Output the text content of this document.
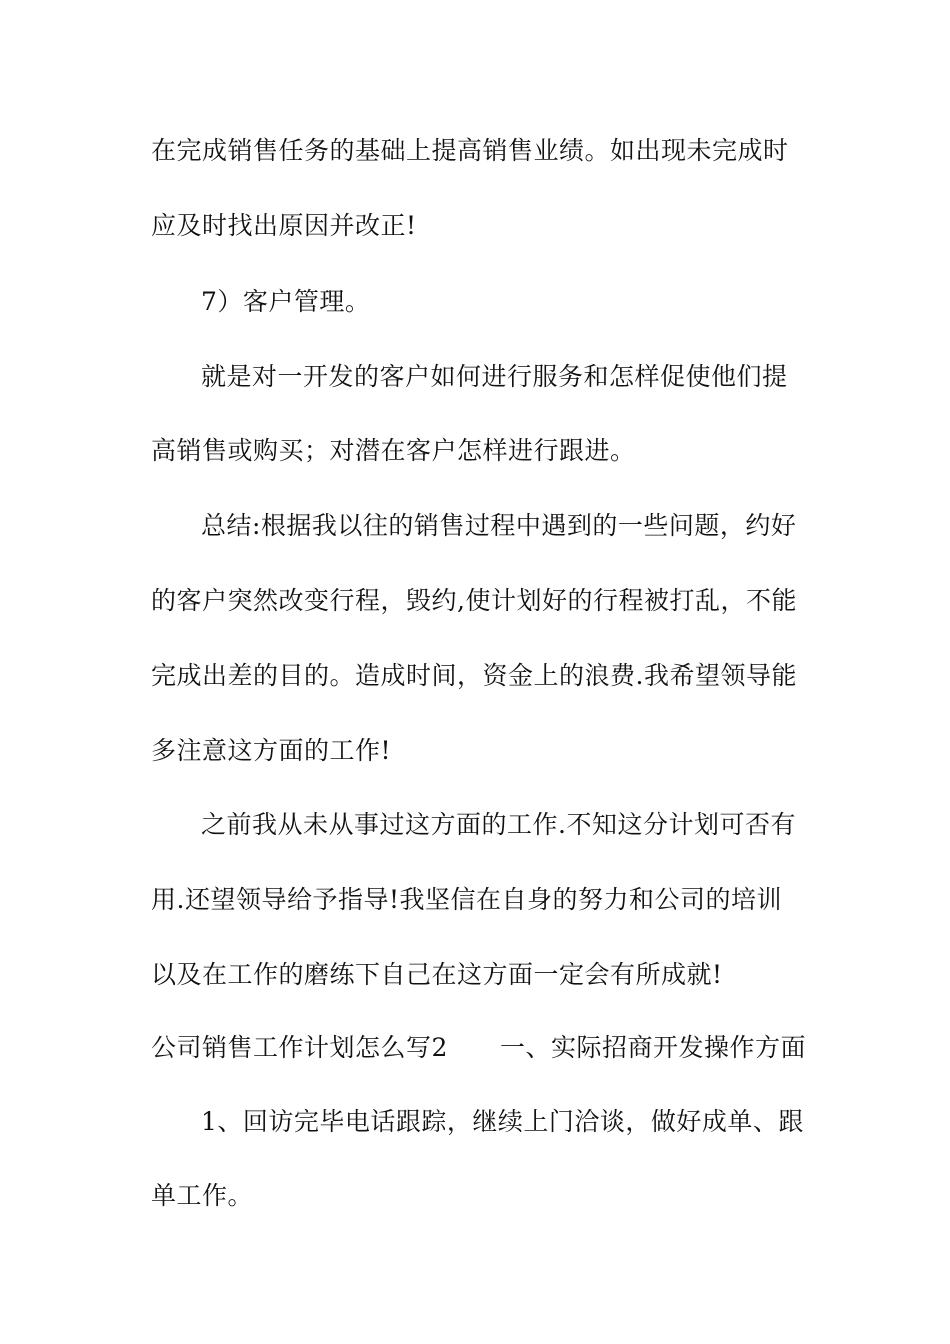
在完成销售任务的基础上提高销售业绩。如出现未完成时
应及时找出原因并改正!
7）客户管理。
就是对一开发的客户如何进行服务和怎样促使他们提
高销售或购买；对潜在客户怎样进行跟进。
总结:根据我以往的销售过程中遇到的一些问题，约好
的客户突然改变行程，毁约,使计划好的行程被打乱，不能
完成出差的目的。造成时间，资金上的浪费.我希望领导能
多注意这方面的工作!
之前我从未从事过这方面的工作.不知这分计划可否有
用.还望领导给予指导!我坚信在自身的努力和公司的培训
以及在工作的磨练下自己在这方面一定会有所成就!
公司销售工作计划怎么写2 一、实际招商开发操作方面
1、回访完毕电话跟踪，继续上门洽谈，做好成单、跟
单工作。
